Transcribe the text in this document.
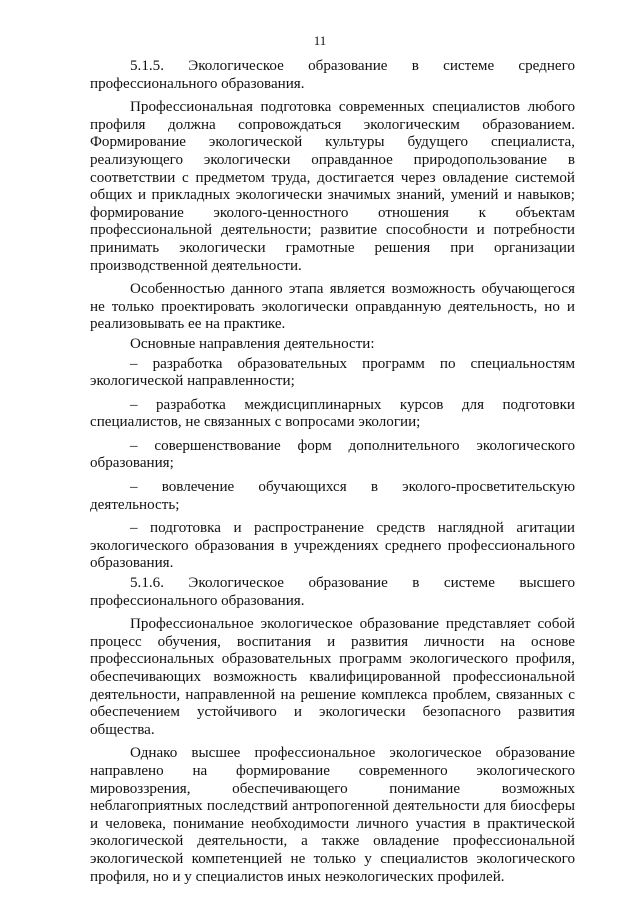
11

5.1.5. Экологическое образование в системе среднего профессионального образования.

Профессиональная подготовка современных специалистов любого профиля должна сопровождаться экологическим образованием. Формирование экологической культуры будущего специалиста, реализующего экологически оправданное природопользование в соответствии с предметом труда, достигается через овладение системой общих и прикладных экологически значимых знаний, умений и навыков; формирование эколого-ценностного отношения к объектам профессиональной деятельности; развитие способности и потребности принимать экологически грамотные решения при организации производственной деятельности.

Особенностью данного этапа является возможность обучающегося не только проектировать экологически оправданную деятельность, но и реализовывать ее на практике.

Основные направления деятельности:

– разработка образовательных программ по специальностям экологической направленности;

– разработка междисциплинарных курсов для подготовки специалистов, не связанных с вопросами экологии;

– совершенствование форм дополнительного экологического образования;

– вовлечение обучающихся в эколого-просветительскую деятельность;

– подготовка и распространение средств наглядной агитации экологического образования в учреждениях среднего профессионального образования.

5.1.6. Экологическое образование в системе высшего профессионального образования.

Профессиональное экологическое образование представляет собой процесс обучения, воспитания и развития личности на основе профессиональных образовательных программ экологического профиля, обеспечивающих возможность квалифицированной профессиональной деятельности, направленной на решение комплекса проблем, связанных с обеспечением устойчивого и экологически безопасного развития общества.

Однако высшее профессиональное экологическое образование направлено на формирование современного экологического мировоззрения, обеспечивающего понимание возможных неблагоприятных последствий антропогенной деятельности для биосферы и человека, понимание необходимости личного участия в практической экологической деятельности, а также овладение профессиональной экологической компетенцией не только у специалистов экологического профиля, но и у специалистов иных неэкологических профилей.
